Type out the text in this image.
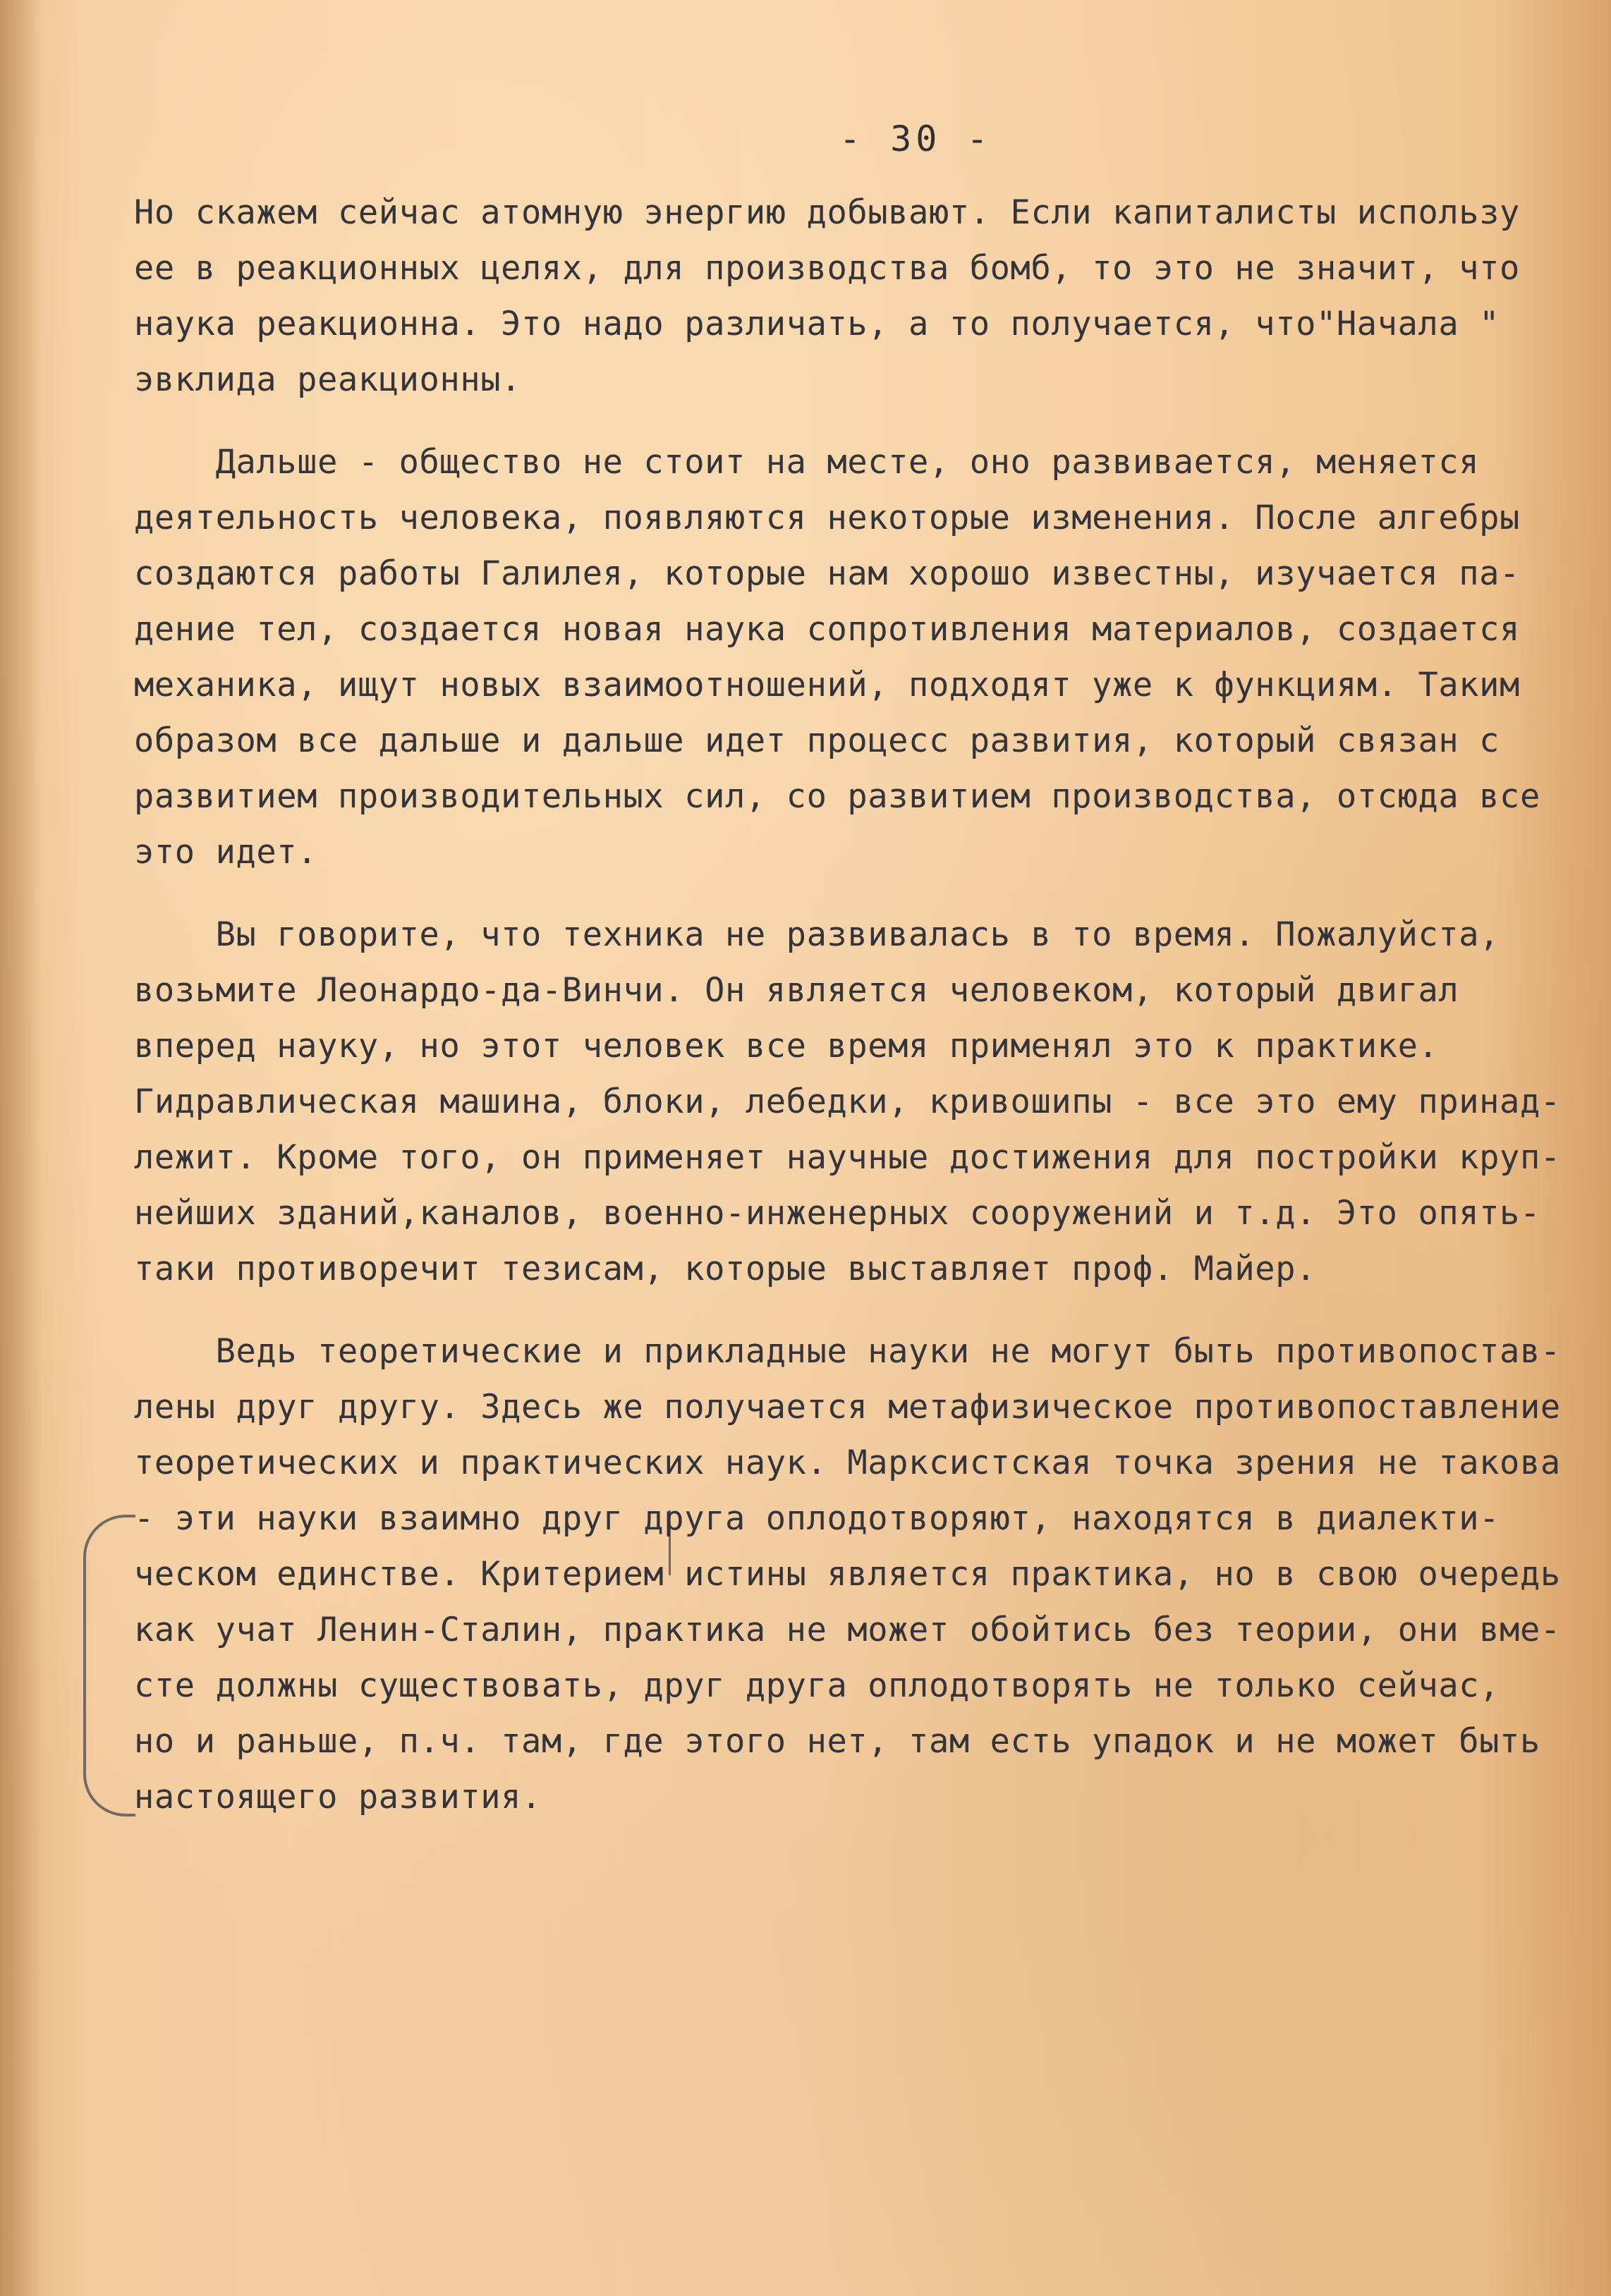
- 30 -
Но скажем сейчас атомную энергию добывают. Если капиталисты использу
ее в реакционных целях, для производства бомб, то это не значит, что
наука реакционна. Это надо различать, а то получается, что"Начала "
эвклида реакционны.
Дальше - общество не стоит на месте, оно развивается, меняется
деятельность человека, появляются некоторые изменения. После алгебры
создаются работы Галилея, которые нам хорошо известны, изучается па-
дение тел, создается новая наука сопротивления материалов, создается
механика, ищут новых взаимоотношений, подходят уже к функциям. Таким
образом все дальше и дальше идет процесс развития, который связан с
развитием производительных сил, со развитием производства, отсюда все
это идет.
Вы говорите, что техника не развивалась в то время. Пожалуйста,
возьмите Леонардо-да-Винчи. Он является человеком, который двигал
вперед науку, но этот человек все время применял это к практике.
Гидравлическая машина, блоки, лебедки, кривошипы - все это ему принад-
лежит. Кроме того, он применяет научные достижения для постройки круп-
нейших зданий,каналов, военно-инженерных сооружений и т.д. Это опять-
таки противоречит тезисам, которые выставляет проф. Майер.
Ведь теоретические и прикладные науки не могут быть противопостав-
лены друг другу. Здесь же получается метафизическое противопоставление
теоретических и практических наук. Марксистская точка зрения не такова
- эти науки взаимно друг друга оплодотворяют, находятся в диалекти-
ческом единстве. Критерием истины является практика, но в свою очередь
как учат Ленин-Сталин, практика не может обойтись без теории, они вме-
сте должны существовать, друг друга оплодотворять не только сейчас,
но и раньше, п.ч. там, где этого нет, там есть упадок и не может быть
настоящего развития.
